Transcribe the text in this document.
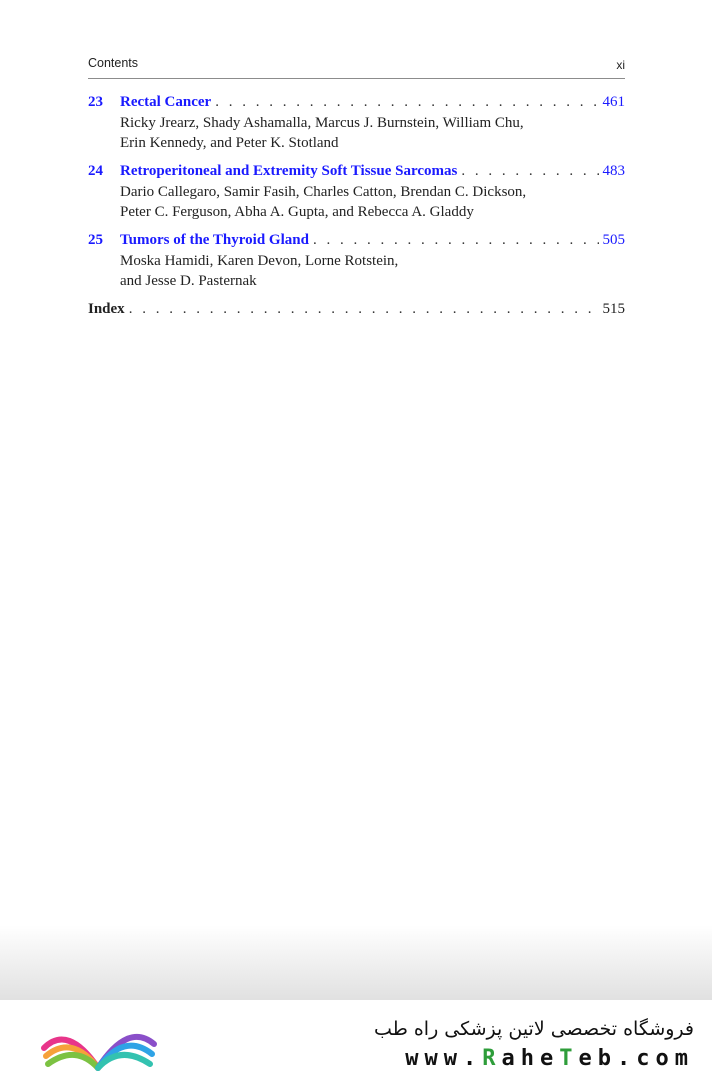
Contents	xi
23	Rectal Cancer . . .	461
Ricky Jrearz, Shady Ashamalla, Marcus J. Burnstein, William Chu,
Erin Kennedy, and Peter K. Stotland
24	Retroperitoneal and Extremity Soft Tissue Sarcomas . . .	483
Dario Callegaro, Samir Fasih, Charles Catton, Brendan C. Dickson,
Peter C. Ferguson, Abha A. Gupta, and Rebecca A. Gladdy
25	Tumors of the Thyroid Gland . . .	505
Moska Hamidi, Karen Devon, Lorne Rotstein,
and Jesse D. Pasternak
Index . . .	515
فروشگاه تخصصی لاتین پزشکی راه طب
www.RaheTeb.com
